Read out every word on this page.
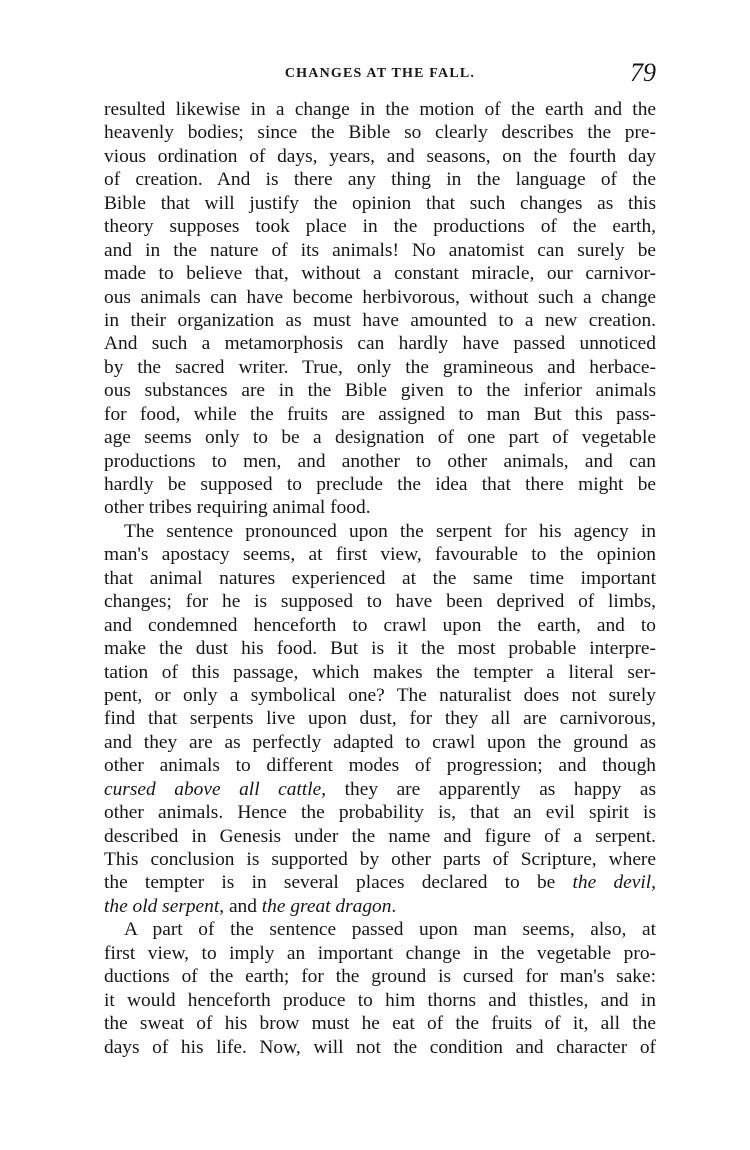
CHANGES AT THE FALL.	79
resulted likewise in a change in the motion of the earth and the
heavenly bodies; since the Bible so clearly describes the pre-
vious ordination of days, years, and seasons, on the fourth day
of creation. And is there any thing in the language of the
Bible that will justify the opinion that such changes as this
theory supposes took place in the productions of the earth,
and in the nature of its animals! No anatomist can surely be
made to believe that, without a constant miracle, our carnivor-
ous animals can have become herbivorous, without such a change
in their organization as must have amounted to a new creation.
And such a metamorphosis can hardly have passed unnoticed
by the sacred writer. True, only the gramineous and herbace-
ous substances are in the Bible given to the inferior animals
for food, while the fruits are assigned to man But this pass-
age seems only to be a designation of one part of vegetable
productions to men, and another to other animals, and can
hardly be supposed to preclude the idea that there might be
other tribes requiring animal food.
The sentence pronounced upon the serpent for his agency in
man's apostacy seems, at first view, favourable to the opinion
that animal natures experienced at the same time important
changes; for he is supposed to have been deprived of limbs,
and condemned henceforth to crawl upon the earth, and to
make the dust his food. But is it the most probable interpre-
tation of this passage, which makes the tempter a literal ser-
pent, or only a symbolical one? The naturalist does not surely
find that serpents live upon dust, for they all are carnivorous,
and they are as perfectly adapted to crawl upon the ground as
other animals to different modes of progression; and though
cursed above all cattle, they are apparently as happy as
other animals. Hence the probability is, that an evil spirit is
described in Genesis under the name and figure of a serpent.
This conclusion is supported by other parts of Scripture, where
the tempter is in several places declared to be the devil,
the old serpent, and the great dragon.
A part of the sentence passed upon man seems, also, at
first view, to imply an important change in the vegetable pro-
ductions of the earth; for the ground is cursed for man's sake:
it would henceforth produce to him thorns and thistles, and in
the sweat of his brow must he eat of the fruits of it, all the
days of his life. Now, will not the condition and character of
